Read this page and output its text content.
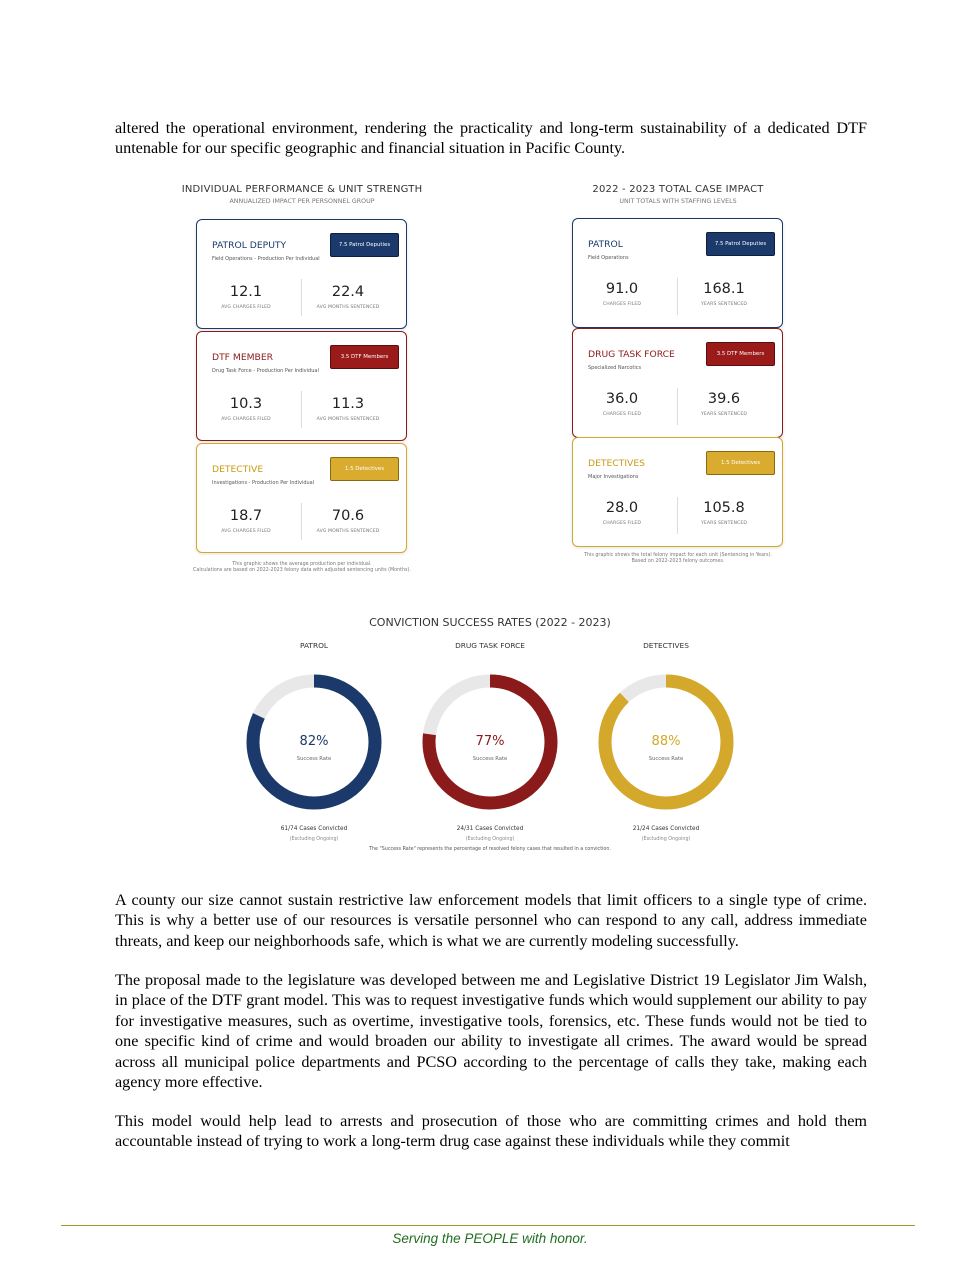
altered the operational environment, rendering the practicality and long-term sustainability of a dedicated DTF untenable for our specific geographic and financial situation in Pacific County.

INDIVIDUAL PERFORMANCE & UNIT STRENGTH
ANNUALIZED IMPACT PER PERSONNEL GROUP
PATROL DEPUTY
Field Operations - Production Per Individual
7.5 Patrol Deputies
12.1
AVG CHARGES FILED
22.4
AVG MONTHS SENTENCED
DTF MEMBER
Drug Task Force - Production Per Individual
3.5 DTF Members
10.3
AVG CHARGES FILED
11.3
AVG MONTHS SENTENCED
DETECTIVE
Investigations - Production Per Individual
1.5 Detectives
18.7
AVG CHARGES FILED
70.6
AVG MONTHS SENTENCED
This graphic shows the average production per individual.
Calculations are based on 2022-2023 felony data with adjusted sentencing units (Months).
2022 - 2023 TOTAL CASE IMPACT
UNIT TOTALS WITH STAFFING LEVELS
PATROL
Field Operations
7.5 Patrol Deputies
91.0
CHARGES FILED
168.1
YEARS SENTENCED
DRUG TASK FORCE
Specialized Narcotics
3.5 DTF Members
36.0
CHARGES FILED
39.6
YEARS SENTENCED
DETECTIVES
Major Investigations
1.5 Detectives
28.0
CHARGES FILED
105.8
YEARS SENTENCED
This graphic shows the total felony impact for each unit (Sentencing in Years).
Based on 2022-2023 felony outcomes.
CONVICTION SUCCESS RATES (2022 - 2023)
PATROL	DRUG TASK FORCE	DETECTIVES
82%	77%	88%
Success Rate	Success Rate	Success Rate
61/74 Cases Convicted	24/31 Cases Convicted	21/24 Cases Convicted
(Excluding Ongoing)	(Excluding Ongoing)	(Excluding Ongoing)
The "Success Rate" represents the percentage of resolved felony cases that resulted in a conviction.

A county our size cannot sustain restrictive law enforcement models that limit officers to a single type of crime. This is why a better use of our resources is versatile personnel who can respond to any call, address immediate threats, and keep our neighborhoods safe, which is what we are currently modeling successfully.

The proposal made to the legislature was developed between me and Legislative District 19 Legislator Jim Walsh, in place of the DTF grant model. This was to request investigative funds which would supplement our ability to pay for investigative measures, such as overtime, investigative tools, forensics, etc. These funds would not be tied to one specific kind of crime and would broaden our ability to investigate all crimes. The award would be spread across all municipal police departments and PCSO according to the percentage of calls they take, making each agency more effective.

This model would help lead to arrests and prosecution of those who are committing crimes and hold them accountable instead of trying to work a long-term drug case against these individuals while they commit

Serving the PEOPLE with honor.
